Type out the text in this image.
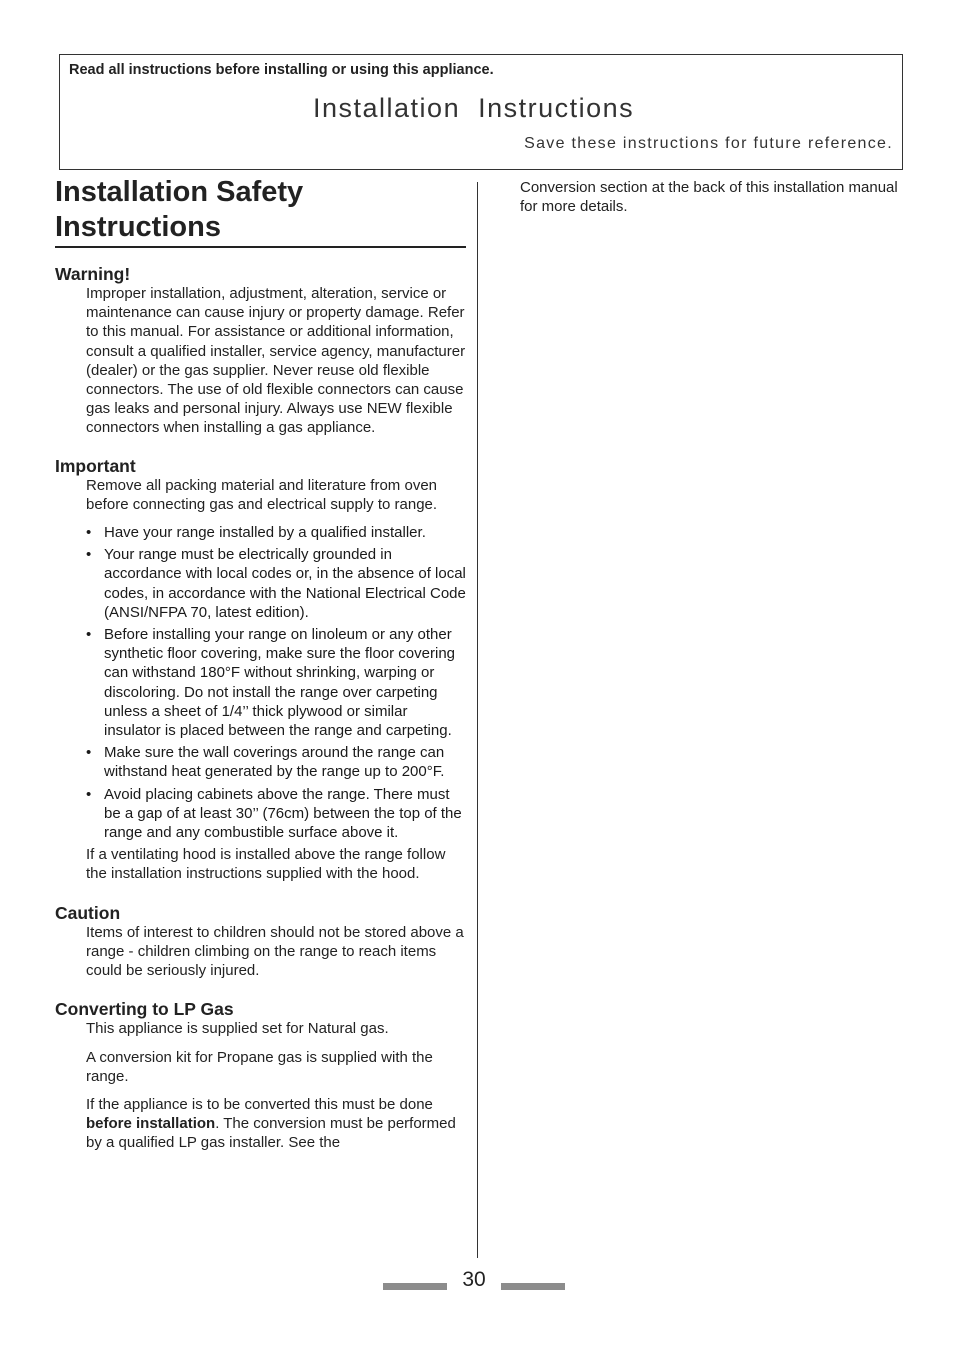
Read all instructions before installing or using this appliance.
Installation  Instructions
Save these instructions for future reference.
Installation Safety
Instructions
Warning!
Improper installation, adjustment, alteration, service or maintenance can cause injury or property damage. Refer to this manual. For assistance or additional information, consult a qualified installer, service agency, manufacturer (dealer) or the gas supplier. Never reuse old flexible connectors. The use of old flexible connectors can cause gas leaks and personal injury. Always use NEW flexible connectors when installing a gas appliance.
Important
Remove all packing material and literature from oven before connecting gas and electrical supply to range.
• Have your range installed by a qualified installer.
• Your range must be electrically grounded in accordance with local codes or, in the absence of local codes, in accordance with the National Electrical Code (ANSI/NFPA 70, latest edition).
• Before installing your range on linoleum or any other synthetic floor covering, make sure the floor covering can withstand 180°F without shrinking, warping or discoloring. Do not install the range over carpeting unless a sheet of 1/4’’ thick plywood or similar insulator is placed between the range and carpeting.
• Make sure the wall coverings around the range can withstand heat generated by the range up to 200°F.
• Avoid placing cabinets above the range. There must be a gap of at least 30’’ (76cm) between the top of the range and any combustible surface above it.
If a ventilating hood is installed above the range follow the installation instructions supplied with the hood.
Caution
Items of interest to children should not be stored above a range - children climbing on the range to reach items could be seriously injured.
Converting to LP Gas
This appliance is supplied set for Natural gas.
A conversion kit for Propane gas is supplied with the range.
If the appliance is to be converted this must be done before installation. The conversion must be performed by a qualified LP gas installer. See the
Conversion section at the back of this installation manual for more details.
30
